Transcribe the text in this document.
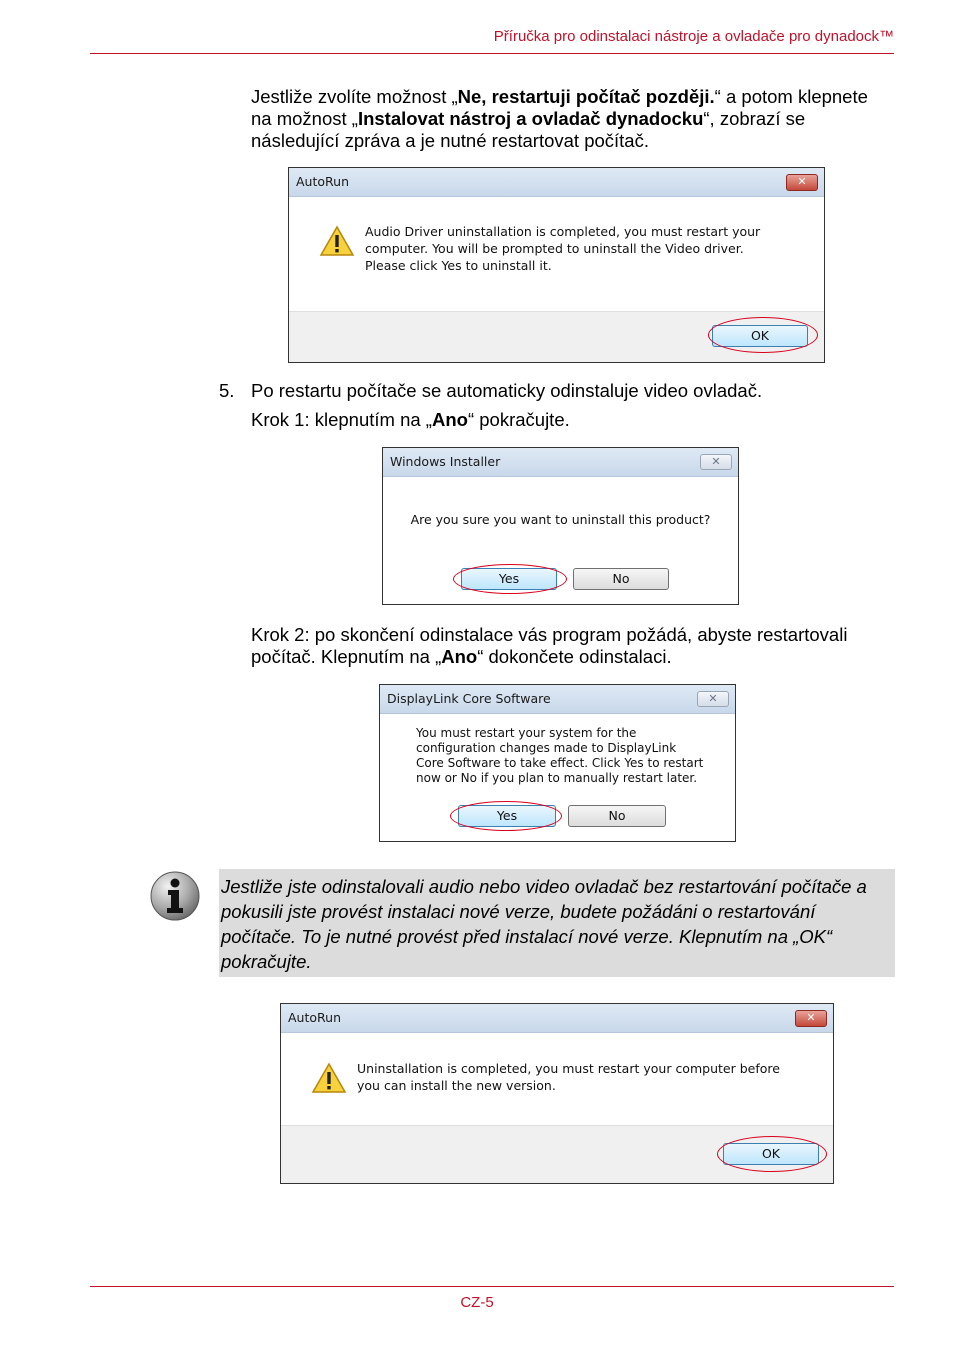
Příručka pro odinstalaci nástroje a ovladače pro dynadock™
Jestliže zvolíte možnost „Ne, restartuji počítač později.“ a potom klepnete na možnost „Instalovat nástroj a ovladač dynadocku“, zobrazí se následující zpráva a je nutné restartovat počítač.
AutoRun	✕
Audio Driver uninstallation is completed, you must restart your computer. You will be prompted to uninstall the Video driver. Please click Yes to uninstall it.
OK
5. Po restartu počítače se automaticky odinstaluje video ovladač.
Krok 1: klepnutím na „Ano“ pokračujte.
Windows Installer	✕
Are you sure you want to uninstall this product?
Yes	No
Krok 2: po skončení odinstalace vás program požádá, abyste restartovali počítač. Klepnutím na „Ano“ dokončete odinstalaci.
DisplayLink Core Software	✕
You must restart your system for the configuration changes made to DisplayLink Core Software to take effect. Click Yes to restart now or No if you plan to manually restart later.
Yes	No
Jestliže jste odinstalovali audio nebo video ovladač bez restartování počítače a pokusili jste provést instalaci nové verze, budete požádáni o restartování počítače. To je nutné provést před instalací nové verze. Klepnutím na „OK“ pokračujte.
AutoRun	✕
Uninstallation is completed, you must restart your computer before you can install the new version.
OK
CZ-5
